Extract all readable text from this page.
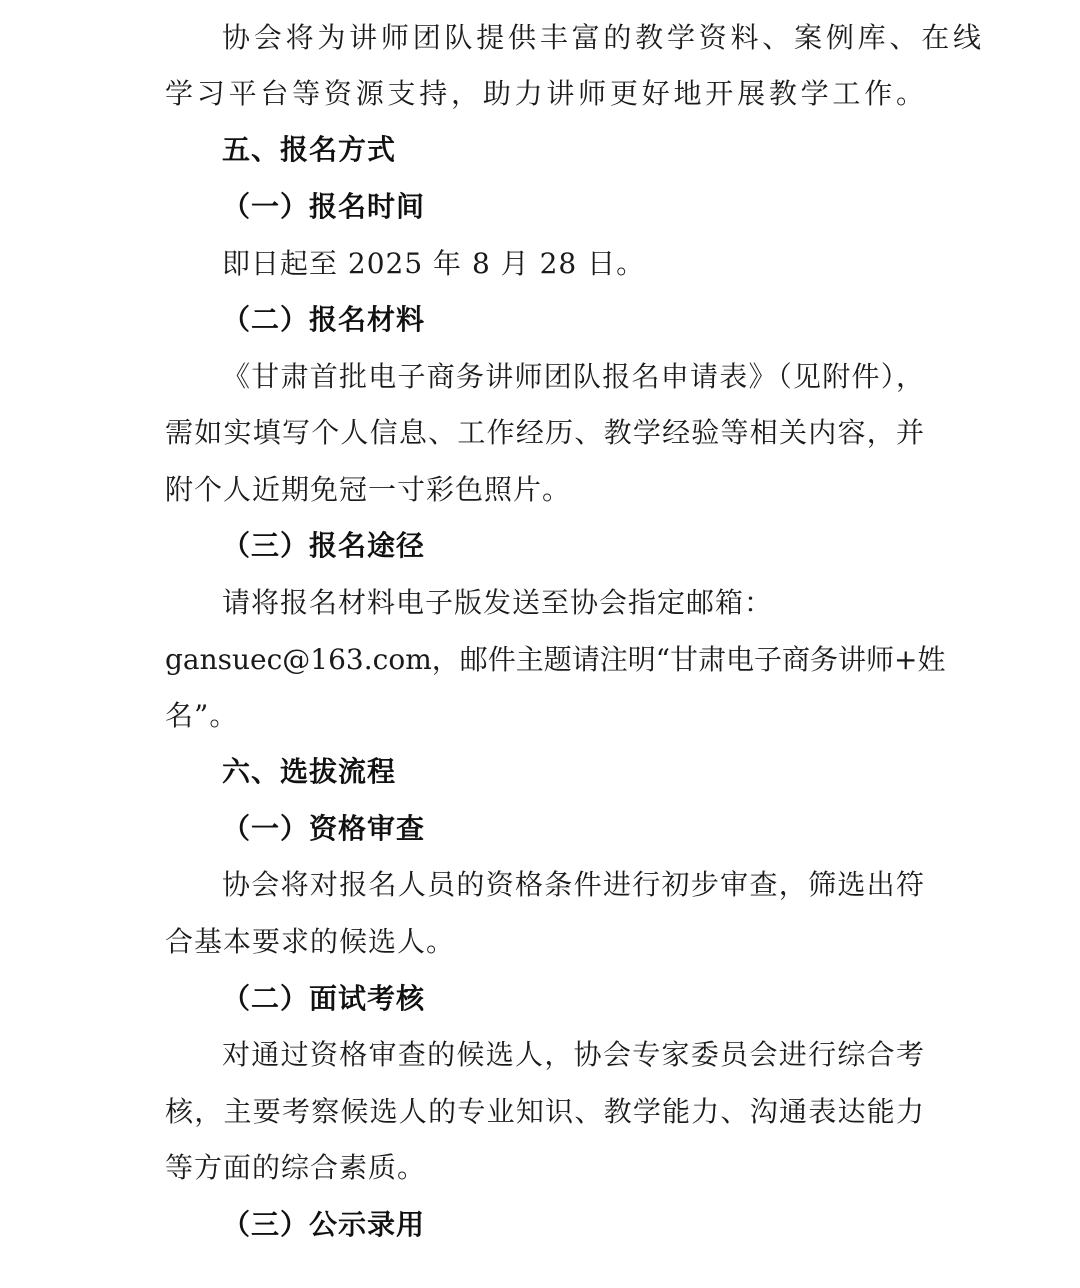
协会将为讲师团队提供丰富的教学资料、案例库、在线
学习平台等资源支持，助力讲师更好地开展教学工作。
五、报名方式
（一）报名时间
即日起至 2025 年 8 月 28 日。
（二）报名材料
《甘肃首批电子商务讲师团队报名申请表》（见附件），
需如实填写个人信息、工作经历、教学经验等相关内容，并
附个人近期免冠一寸彩色照片。
（三）报名途径
请将报名材料电子版发送至协会指定邮箱：
gansuec@163.com，邮件主题请注明“甘肃电子商务讲师+姓
名”。
六、选拔流程
（一）资格审查
协会将对报名人员的资格条件进行初步审查，筛选出符
合基本要求的候选人。
（二）面试考核
对通过资格审查的候选人，协会专家委员会进行综合考
核，主要考察候选人的专业知识、教学能力、沟通表达能力
等方面的综合素质。
（三）公示录用
